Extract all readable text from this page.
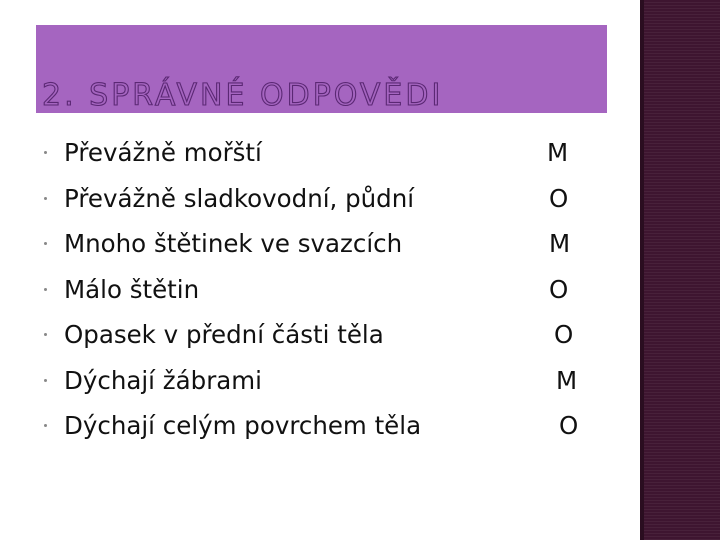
2. SPRÁVNÉ ODPOVĚDI
Převážně mořští	M
Převážně sladkovodní, půdní	O
Mnoho štětinek ve svazcích	M
Málo štětin	O
Opasek v přední části těla	O
Dýchají žábrami	M
Dýchají celým povrchem těla	O
